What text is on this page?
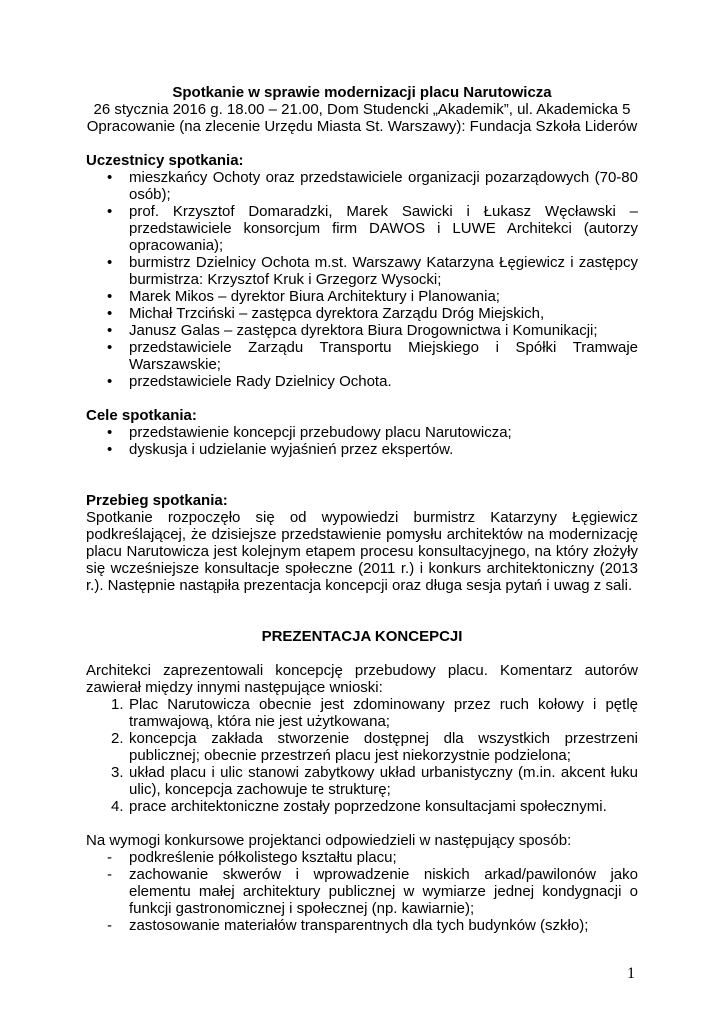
Spotkanie w sprawie modernizacji placu Narutowicza
26 stycznia 2016 g. 18.00 – 21.00, Dom Studencki „Akademik”, ul. Akademicka 5
Opracowanie (na zlecenie Urzędu Miasta St. Warszawy): Fundacja Szkoła Liderów
Uczestnicy spotkania:
• mieszkańcy Ochoty oraz przedstawiciele organizacji pozarządowych (70-80 osób);
• prof. Krzysztof Domaradzki, Marek Sawicki i Łukasz Węcławski – przedstawiciele konsorcjum firm DAWOS i LUWE Architekci (autorzy opracowania);
• burmistrz Dzielnicy Ochota m.st. Warszawy Katarzyna Łęgiewicz i zastępcy burmistrza: Krzysztof Kruk i Grzegorz Wysocki;
• Marek Mikos – dyrektor Biura Architektury i Planowania;
• Michał Trzciński – zastępca dyrektora Zarządu Dróg Miejskich,
• Janusz Galas – zastępca dyrektora Biura Drogownictwa i Komunikacji;
• przedstawiciele Zarządu Transportu Miejskiego i Spółki Tramwaje Warszawskie;
• przedstawiciele Rady Dzielnicy Ochota.
Cele spotkania:
• przedstawienie koncepcji przebudowy placu Narutowicza;
• dyskusja i udzielanie wyjaśnień przez ekspertów.
Przebieg spotkania:
Spotkanie rozpoczęło się od wypowiedzi burmistrz Katarzyny Łęgiewicz podkreślającej, że dzisiejsze przedstawienie pomysłu architektów na modernizację placu Narutowicza jest kolejnym etapem procesu konsultacyjnego, na który złożyły się wcześniejsze konsultacje społeczne (2011 r.) i konkurs architektoniczny (2013 r.). Następnie nastąpiła prezentacja koncepcji oraz długa sesja pytań i uwag z sali.
PREZENTACJA KONCEPCJI
Architekci zaprezentowali koncepcję przebudowy placu. Komentarz autorów zawierał między innymi następujące wnioski:
1. Plac Narutowicza obecnie jest zdominowany przez ruch kołowy i pętlę tramwajową, która nie jest użytkowana;
2. koncepcja zakłada stworzenie dostępnej dla wszystkich przestrzeni publicznej; obecnie przestrzeń placu jest niekorzystnie podzielona;
3. układ placu i ulic stanowi zabytkowy układ urbanistyczny (m.in. akcent łuku ulic), koncepcja zachowuje te strukturę;
4. prace architektoniczne zostały poprzedzone konsultacjami społecznymi.
Na wymogi konkursowe projektanci odpowiedzieli w następujący sposób:
- podkreślenie półkolistego kształtu placu;
- zachowanie skwerów i wprowadzenie niskich arkad/pawilonów jako elementu małej architektury publicznej w wymiarze jednej kondygnacji o funkcji gastronomicznej i społecznej (np. kawiarnie);
- zastosowanie materiałów transparentnych dla tych budynków (szkło);
1
